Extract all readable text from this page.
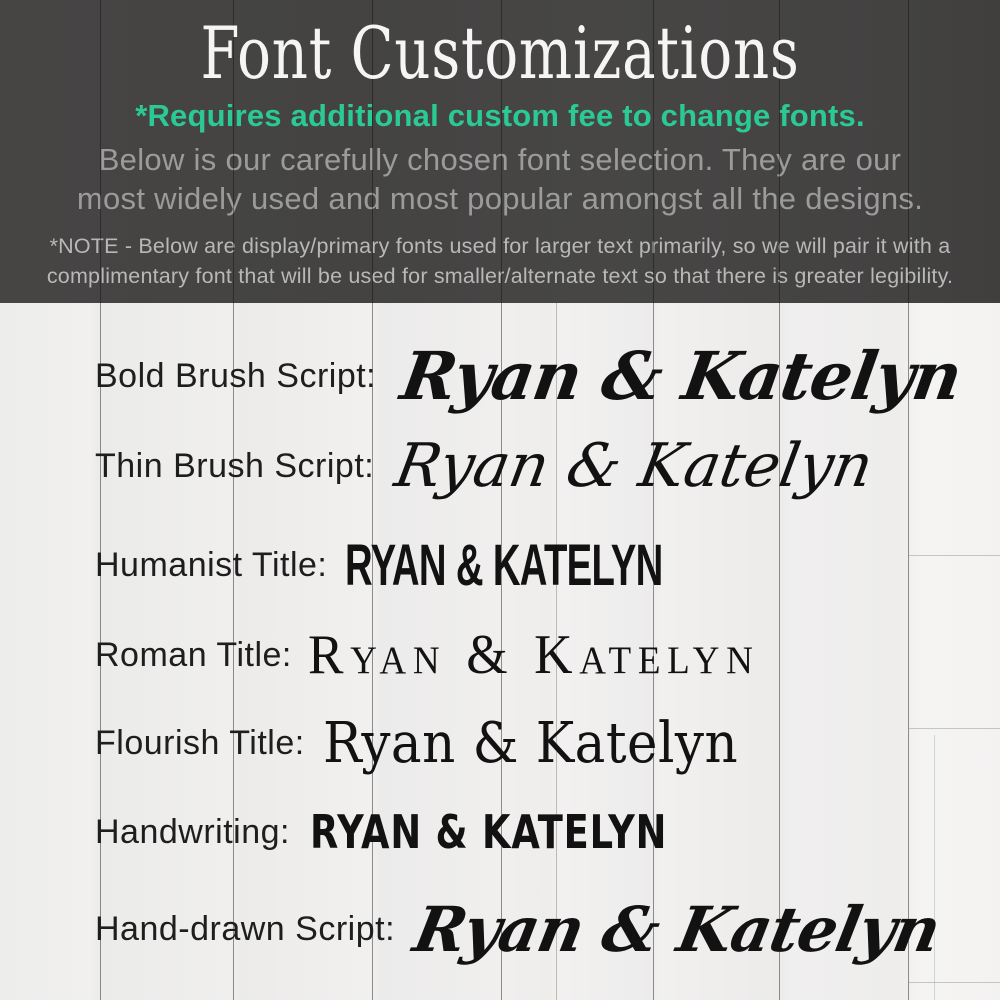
Font Customizations
*Requires additional custom fee to change fonts.
Below is our carefully chosen font selection. They are our
most widely used and most popular amongst all the designs.
*NOTE - Below are display/primary fonts used for larger text primarily, so we will pair it with a
complimentary font that will be used for smaller/alternate text so that there is greater legibility.
Bold Brush Script: Ryan & Katelyn
Thin Brush Script: Ryan & Katelyn
Humanist Title: RYAN & KATELYN
Roman Title: Ryan & Katelyn
Flourish Title: Ryan & Katelyn
Handwriting: RYAN & KATELYN
Hand-drawn Script: Ryan & Katelyn
